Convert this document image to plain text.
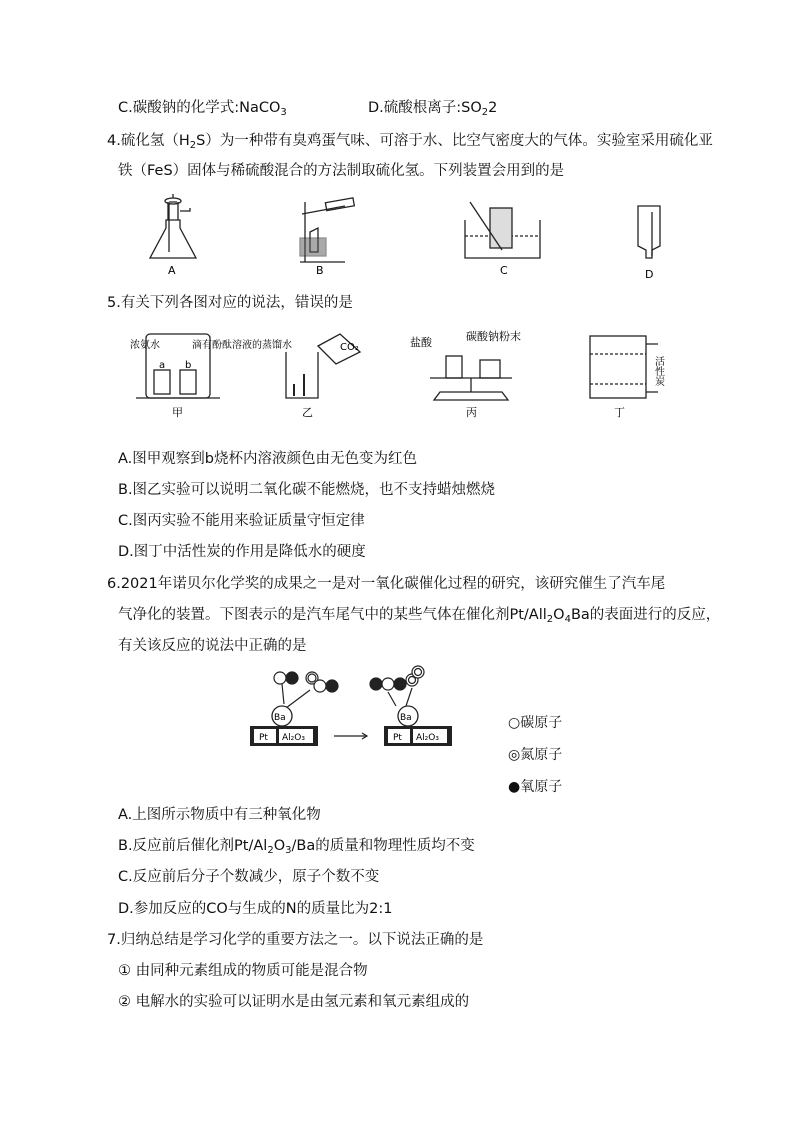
C.碳酸钠的化学式:NaCO$_3$	D.硫酸根离子$:SO_22$
4.硫化氢$(H_2S)$为一种带有臭鸡蛋气味、可溶于水、比空气密度大的气体。实验室采用硫化亚
铁（FeS）固体与稀硫酸混合的方法制取硫化氢。下列装置会用到的是
A	B	C	D
5.有关下列各图对应的说法，错误的是
浓氨水	滴有酚酞溶液的蒸馏水
a b
甲
CO₂
乙
盐酸	碳酸钠粉末
丙
活性炭
丁
A.图甲观察到b烧杯内溶液颜色由无色变为红色
B.图乙实验可以说明二氧化碳不能燃烧，也不支持蜡烛燃烧
C.图丙实验不能用来验证质量守恒定律
D.图丁中活性炭的作用是降低水的硬度
6.2021年诺贝尔化学奖的成果之一是对一氧化碳催化过程的研究，该研究催生了汽车尾
气净化的装置。下图表示的是汽车尾气中的某些气体在催化剂$Pt/All_2O_4Ba$的表面进行的反应，
有关该反应的说法中正确的是
Ba
Pt Al₂O₃
Ba
Pt Al₂O₃
○碳原子
◎氮原子
●氧原子
A.上图所示物质中有三种氧化物
B.反应前后催化剂$Pt/Al_2O_3/Ba$的质量和物理性质均不变
C.反应前后分子个数减少，原子个数不变
D.参加反应的CO与生成的N的质量比为2:1
7.归纳总结是学习化学的重要方法之一。以下说法正确的是
① 由同种元素组成的物质可能是混合物
② 电解水的实验可以证明水是由氢元素和氧元素组成的
